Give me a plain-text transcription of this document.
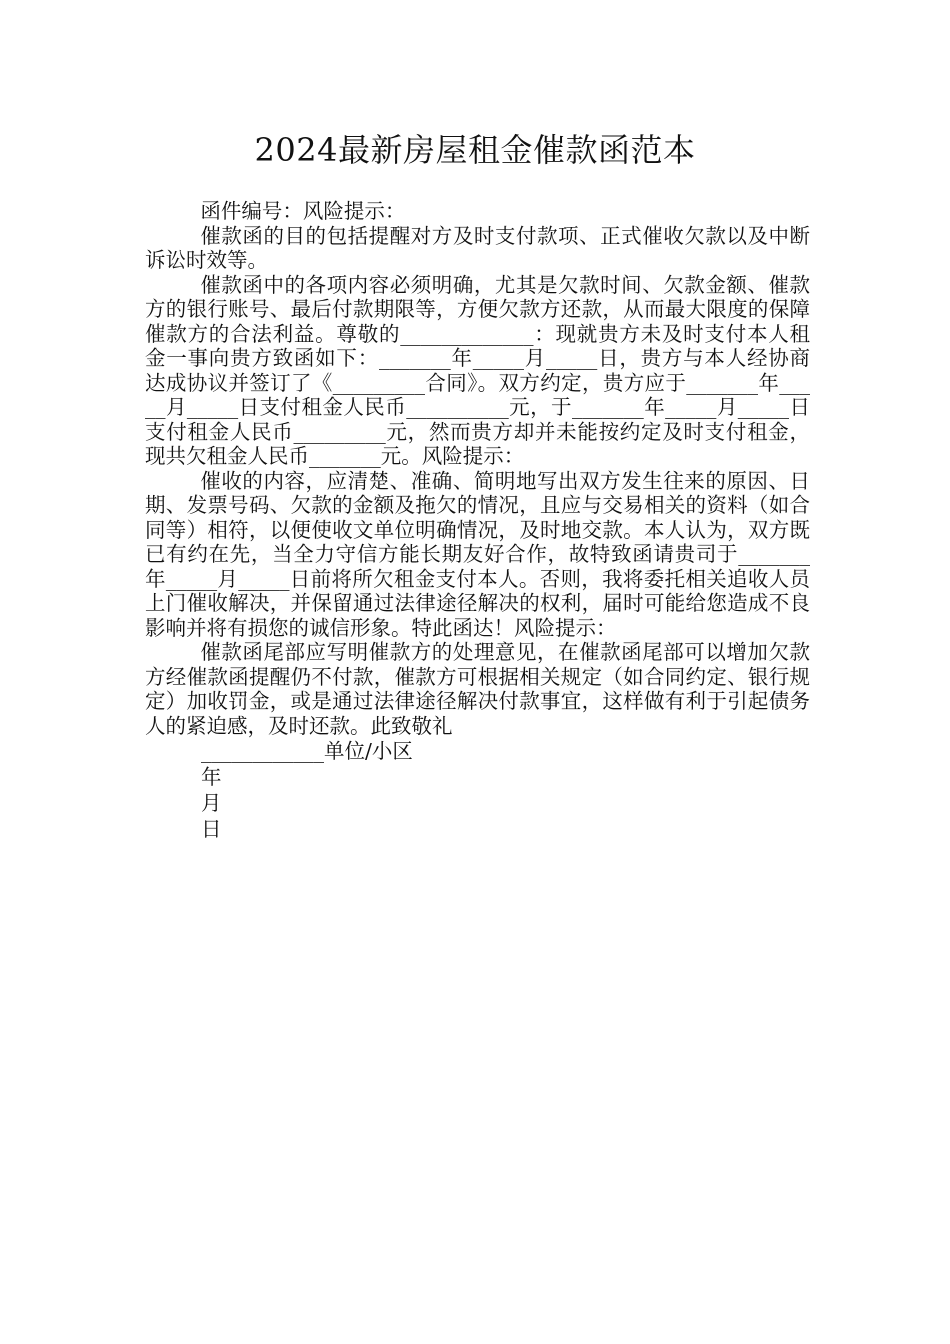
2024最新房屋租金催款函范本

函件编号：风险提示：

催款函的目的包括提醒对方及时支付款项、正式催收欠款以及中断诉讼时效等。

催款函中的各项内容必须明确，尤其是欠款时间、欠款金额、催款方的银行账号、最后付款期限等，方便欠款方还款，从而最大限度的保障催款方的合法利益。尊敬的_____________：现就贵方未及时支付本人租金一事向贵方致函如下：_______年_____月_____日，贵方与本人经协商达成协议并签订了《_________合同》。双方约定，贵方应于_______年_____月_____日支付租金人民币__________元，于_______年_____月_____日支付租金人民币_________元，然而贵方却并未能按约定及时支付租金，现共欠租金人民币_______元。风险提示：

催收的内容，应清楚、准确、简明地写出双方发生往来的原因、日期、发票号码、欠款的金额及拖欠的情况，且应与交易相关的资料（如合同等）相符，以便使收文单位明确情况，及时地交款。本人认为，双方既已有约在先，当全力守信方能长期友好合作，故特致函请贵司于_______年_____月_____日前将所欠租金支付本人。否则，我将委托相关追收人员上门催收解决，并保留通过法律途径解决的权利，届时可能给您造成不良影响并将有损您的诚信形象。特此函达！风险提示：

催款函尾部应写明催款方的处理意见，在催款函尾部可以增加欠款方经催款函提醒仍不付款，催款方可根据相关规定（如合同约定、银行规定）加收罚金，或是通过法律途径解决付款事宜，这样做有利于引起债务人的紧迫感，及时还款。此致敬礼

____________单位/小区
年
月
日
